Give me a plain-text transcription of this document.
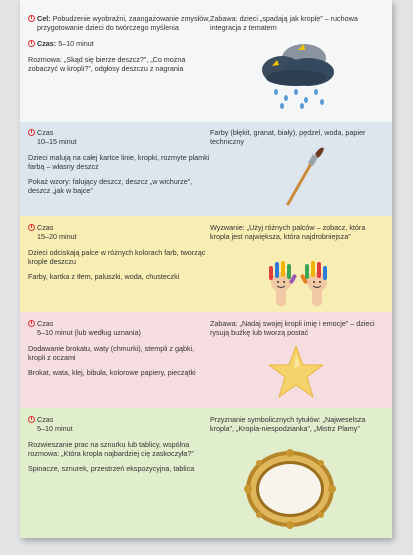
Cel: Pobudzenie wyobraźni, zaangażowanie zmysłów, przygotowanie dzieci do twórczego myślenia
Czas: 5–10 minut
Rozmowa: „Skąd się bierze deszcz?”, „Co można zobaczyć w kropli?”, odgłosy deszczu z nagrania
Zabawa: dzieci „spadają jak krople” – ruchowa integracja z tematem
Czas
10–15 minut
Dzieci malują na całej kartce linie, kropki, rozmyte plamki farbą – własny deszcz
Pokaż wzory: falujący deszcz, deszcz „w wichurze”, deszcz „jak w bajce”
Farby (błękit, granat, biały), pędzel, woda, papier techniczny
Czas
15–20 minut
Dzieci odciskają palce w różnych kolorach farb, tworząc krople deszczu
Farby, kartka z tłem, paluszki, woda, chusteczki
Wyzwanie: „Użyj różnych palców – zobacz, która kropla jest największa, która najdrobniejsza”
Czas
5–10 minut (lub według uznania)
Dodawanie brokatu, waty (chmurki), stempli z gąbki, kropli z oczami
Brokat, wata, klej, bibuła, kolorowe papiery, pieczątki
Zabawa: „Nadaj swojej kropli imię i emocje” – dzieci rysują buźkę lub tworzą postać
Czas
5–10 minut
Rozwieszanie prac na sznurku lub tablicy, wspólna rozmowa: „Która kropla najbardziej cię zaskoczyła?”
Spinacze, sznurek, przestrzeń ekspozycyjna, tablica
Przyznanie symbolicznych tytułów: „Najweselsza kropla”, „Kropla-niespodzianka”, „Mistrz Plamy”
